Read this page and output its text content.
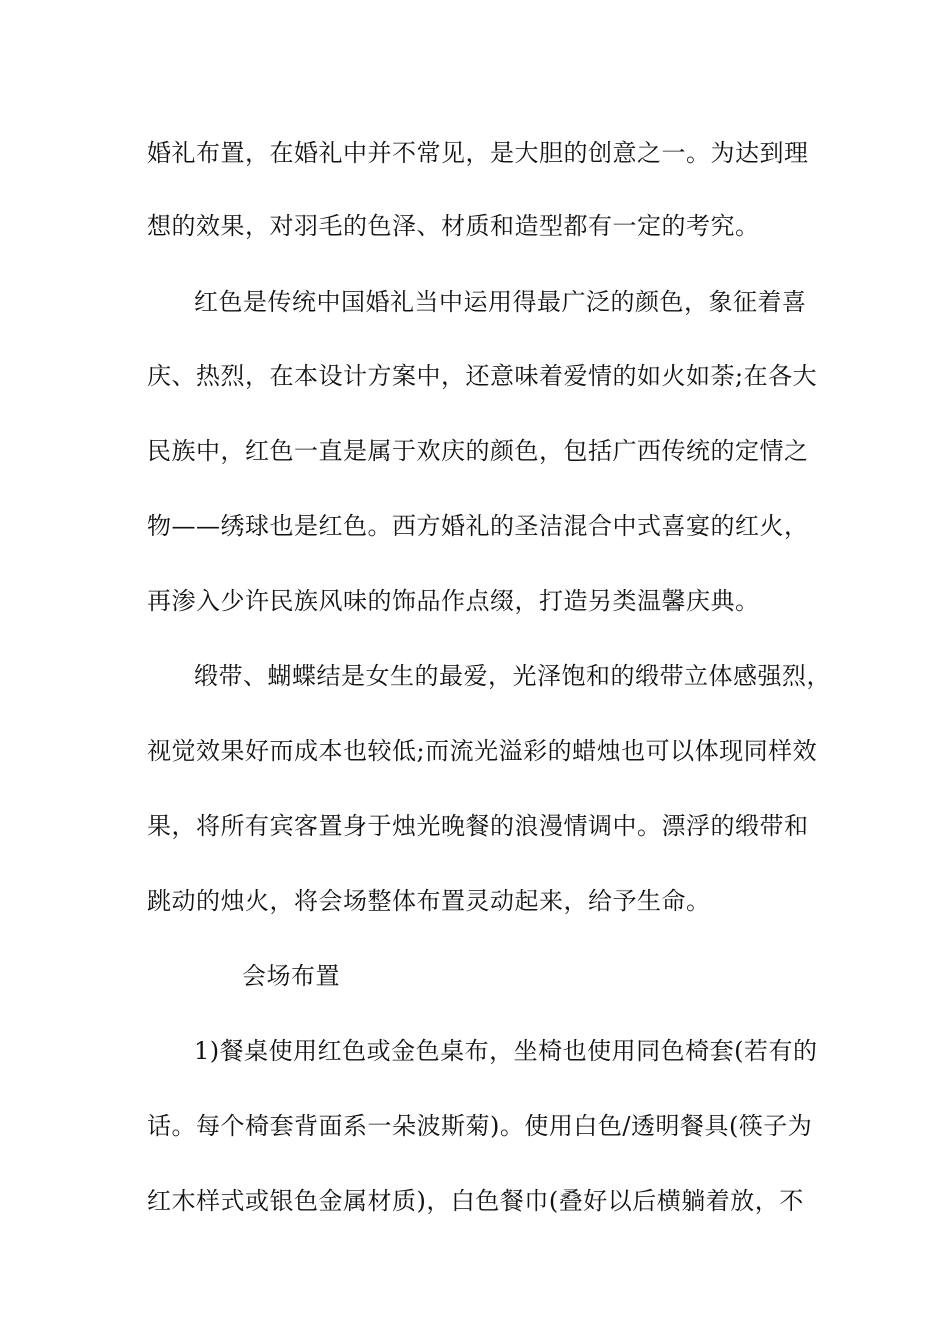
婚礼布置，在婚礼中并不常见，是大胆的创意之一。为达到理
想的效果，对羽毛的色泽、材质和造型都有一定的考究。
红色是传统中国婚礼当中运用得最广泛的颜色，象征着喜
庆、热烈，在本设计方案中，还意味着爱情的如火如荼;在各大
民族中，红色一直是属于欢庆的颜色，包括广西传统的定情之
物——绣球也是红色。西方婚礼的圣洁混合中式喜宴的红火，
再渗入少许民族风味的饰品作点缀，打造另类温馨庆典。
缎带、蝴蝶结是女生的最爱，光泽饱和的缎带立体感强烈，
视觉效果好而成本也较低;而流光溢彩的蜡烛也可以体现同样效
果，将所有宾客置身于烛光晚餐的浪漫情调中。漂浮的缎带和
跳动的烛火，将会场整体布置灵动起来，给予生命。
会场布置
1)餐桌使用红色或金色桌布，坐椅也使用同色椅套(若有的
话。每个椅套背面系一朵波斯菊)。使用白色/透明餐具(筷子为
红木样式或银色金属材质)，白色餐巾(叠好以后横躺着放，不
